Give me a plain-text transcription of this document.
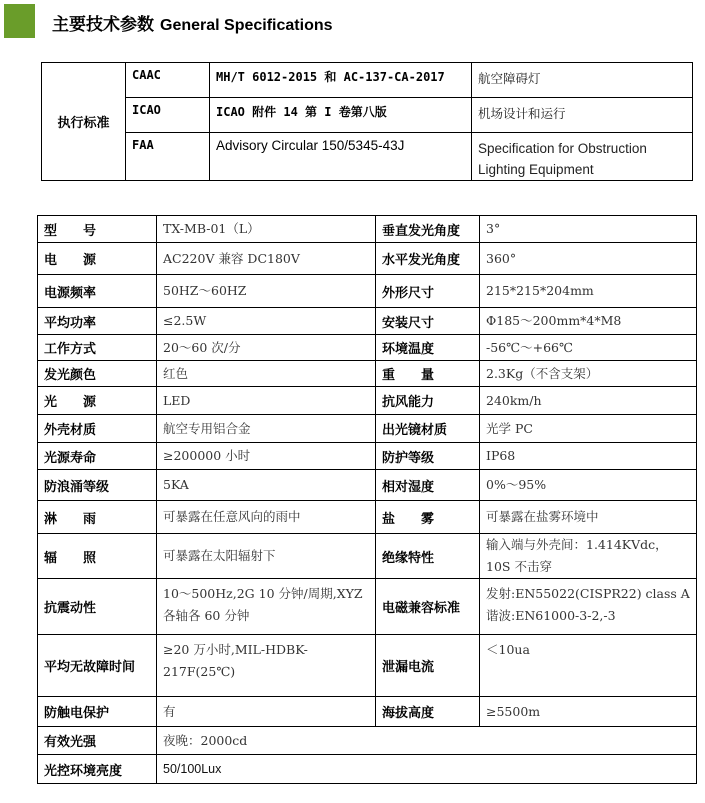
主要技术参数 General Specifications
执行标准	CAAC	MH/T 6012-2015 和 AC-137-CA-2017	航空障碍灯
	ICAO	ICAO 附件 14 第 I 卷第八版	机场设计和运行
	FAA	Advisory Circular 150/5345-43J	Specification for Obstruction Lighting Equipment
型　　号	TX-MB-01（L）	垂直发光角度	3°
电　　源	AC220V 兼容 DC180V	水平发光角度	360°
电源频率	50HZ～60HZ	外形尺寸	215*215*204mm
平均功率	≤2.5W	安装尺寸	Φ185～200mm*4*M8
工作方式	20～60 次/分	环境温度	-56℃～+66℃
发光颜色	红色	重　　量	2.3Kg（不含支架）
光　　源	LED	抗风能力	240km/h
外壳材质	航空专用铝合金	出光镜材质	光学 PC
光源寿命	≥200000 小时	防护等级	IP68
防浪涌等级	5KA	相对湿度	0%～95%
淋　　雨	可暴露在任意风向的雨中	盐　　雾	可暴露在盐雾环境中
辐　　照	可暴露在太阳辐射下	绝缘特性	输入端与外壳间：1.414KVdc，10S 不击穿
抗震动性	10～500Hz,2G 10 分钟/周期,XYZ 各轴各 60 分钟	电磁兼容标准	发射:EN55022(CISPR22) class A 谐波:EN61000-3-2,-3
平均无故障时间	≥20 万小时,MIL-HDBK-217F(25℃)	泄漏电流	＜10ua
防触电保护	有	海拔高度	≥5500m
有效光强	夜晚：2000cd		
光控环境亮度	50/100Lux		
